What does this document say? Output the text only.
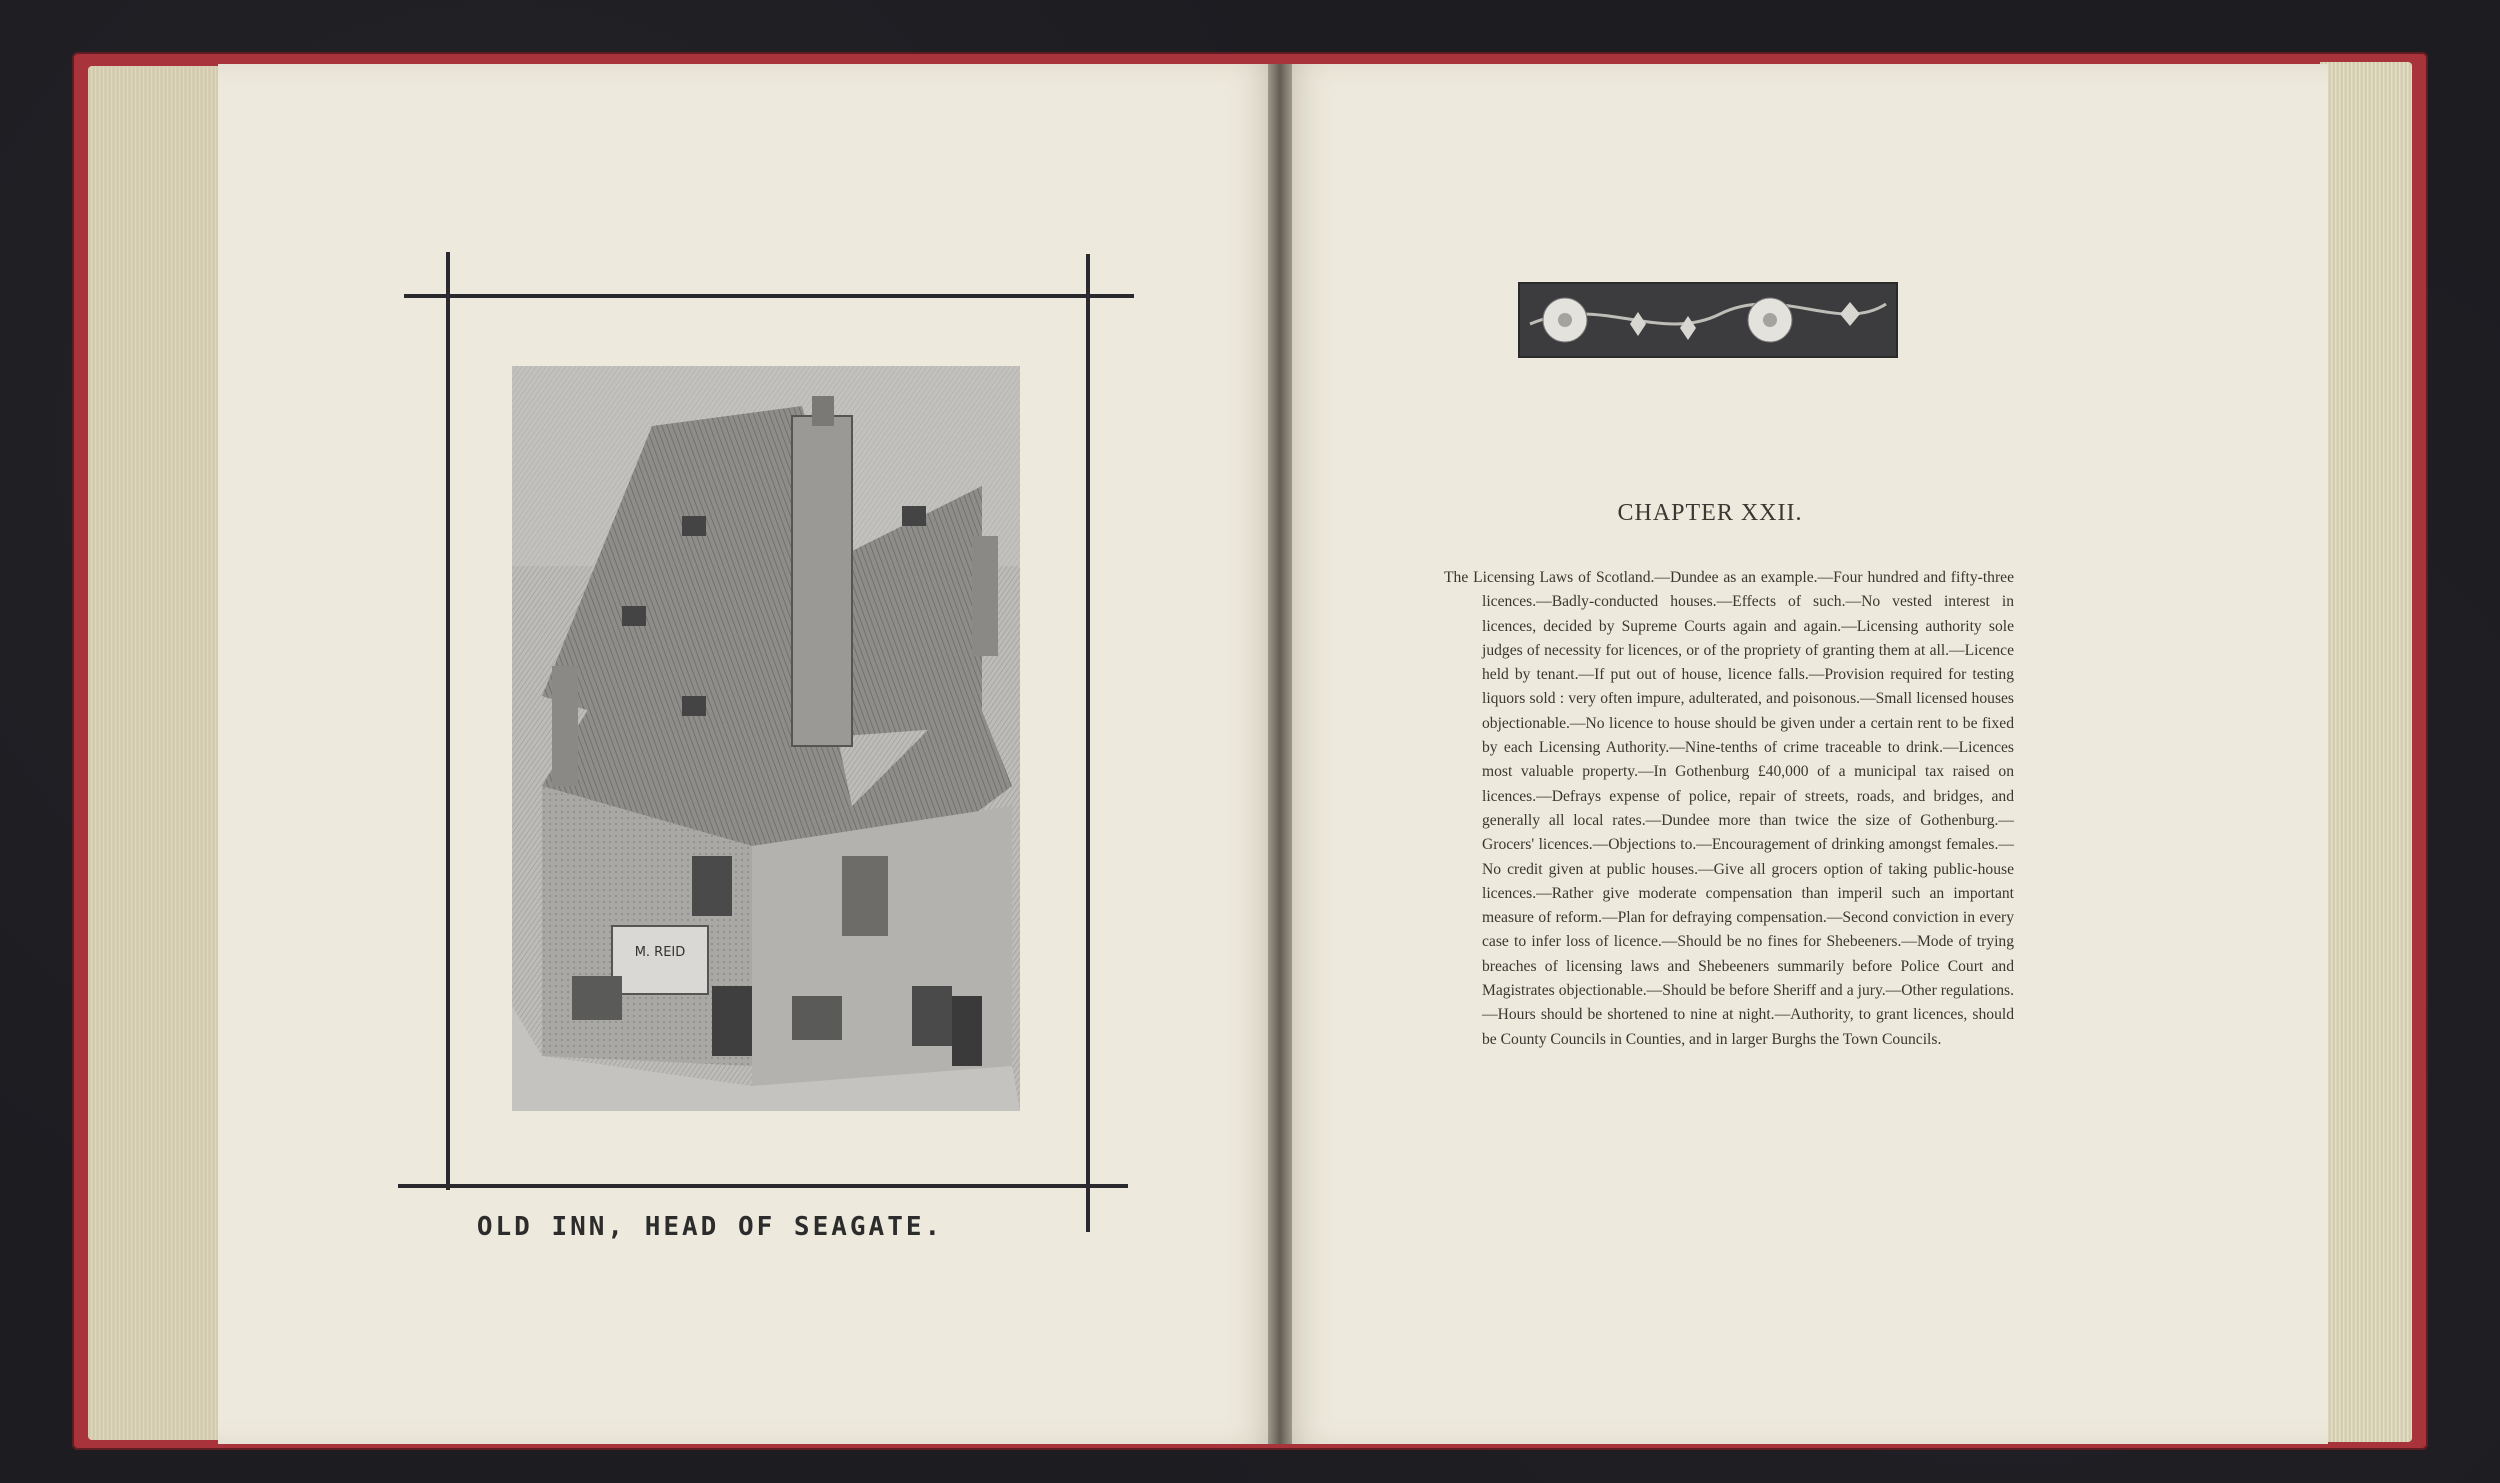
M. REID
OLD INN, HEAD OF SEAGATE.
CHAPTER XXII.
The Licensing Laws of Scotland.—Dundee as an example.—Four hundred and fifty-three licences.—Badly-conducted houses.—Effects of such.—No vested interest in licences, decided by Supreme Courts again and again.—Licensing authority sole judges of necessity for licences, or of the propriety of granting them at all.—Licence held by tenant.—If put out of house, licence falls.—Provision required for testing liquors sold : very often impure, adulterated, and poisonous.—Small licensed houses objectionable.—No licence to house should be given under a certain rent to be fixed by each Licensing Authority.—Nine-tenths of crime traceable to drink.—Licences most valuable property.—In Gothenburg £40,000 of a municipal tax raised on licences.—Defrays expense of police, repair of streets, roads, and bridges, and generally all local rates.—Dundee more than twice the size of Gothenburg.—Grocers' licences.—Objections to.—Encouragement of drinking amongst females.—No credit given at public houses.—Give all grocers option of taking public-house licences.—Rather give moderate compensation than imperil such an important measure of reform.—Plan for defraying compensation.—Second conviction in every case to infer loss of licence.—Should be no fines for Shebeeners.—Mode of trying breaches of licensing laws and Shebeeners summarily before Police Court and Magistrates objectionable.—Should be before Sheriff and a jury.—Other regulations.—Hours should be shortened to nine at night.—Authority, to grant licences, should be County Councils in Counties, and in larger Burghs the Town Councils.
